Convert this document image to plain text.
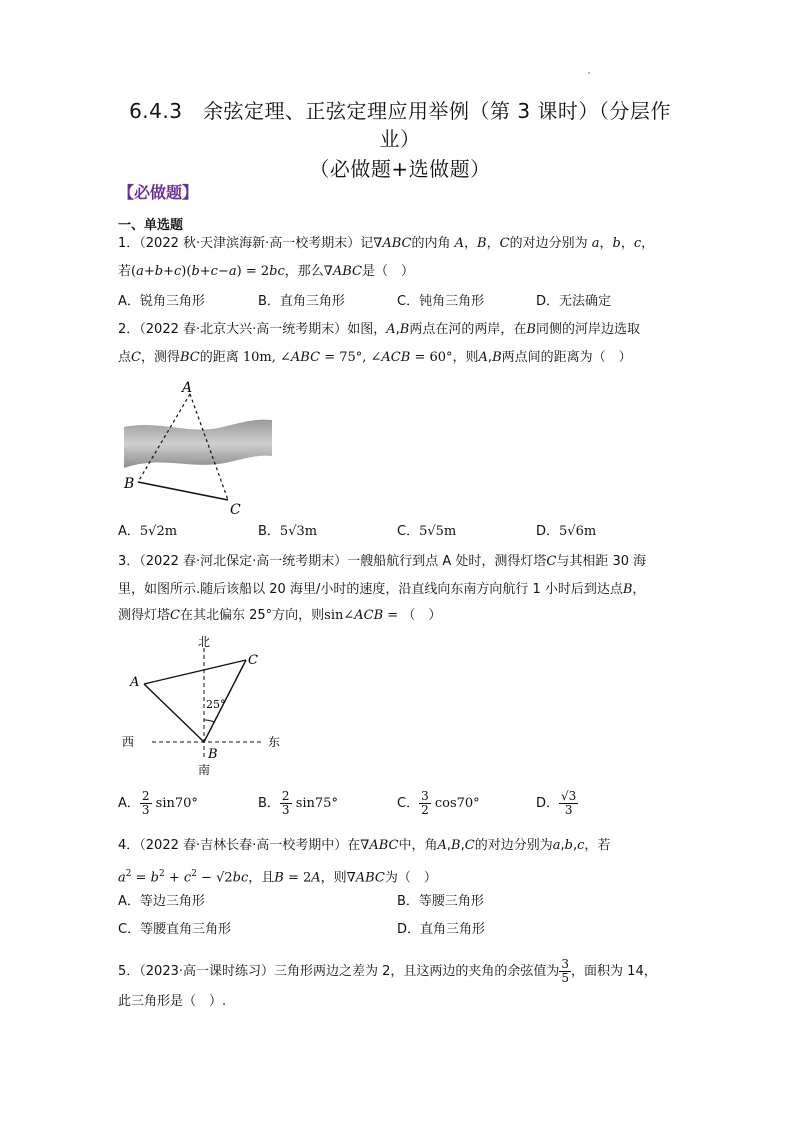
6.4.3　余弦定理、正弦定理应用举例（第 3 课时）（分层作
业）
（必做题+选做题）
【必做题】
一、单选题
1．（2022 秋·天津滨海新·高一校考期末）记∇ABC的内角 A，B，C的对边分别为 a，b，c，
若(a+b+c)(b+c−a) = 2bc，那么∇ABC是（　）
A．锐角三角形	B．直角三角形	C．钝角三角形	D．无法确定
2．（2022 春·北京大兴·高一统考期末）如图，A,B两点在河的两岸，在B同侧的河岸边选取
点C，测得BC的距离 10m, ∠ABC = 75°, ∠ACB = 60°，则A,B两点间的距离为（　）
A
B
C
A．5√2m	B．5√3m	C．5√5m	D．5√6m
3．（2022 春·河北保定·高一统考期末）一艘船航行到点 A 处时，测得灯塔C与其相距 30 海
里，如图所示.随后该船以 20 海里/小时的速度，沿直线向东南方向航行 1 小时后到达点B，
测得灯塔C在其北偏东 25°方向，则sin∠ACB = （　）
北
南
西	东
25°
A
B
C
A． $\frac{2}{3} \sin 70^\circ$	B． $\frac{2}{3} \sin 75^\circ$	C． $\frac{3}{2} \cos 70^\circ$	D． $\frac{√3}{3}$
4．（2022 春·吉林长春·高一校考期中）在∇ABC中，角A,B,C的对边分别为a,b,c，若
$a^2 = b^2 + c^2 - √2bc$，且B = 2A，则∇ABC为（　）
A．等边三角形	B．等腰三角形
C．等腰直角三角形	D．直角三角形
5．（2023·高一课时练习）三角形两边之差为 2，且这两边的夹角的余弦值为 $\frac{3}{5}$ ，面积为 14，
此三角形是（　）.
